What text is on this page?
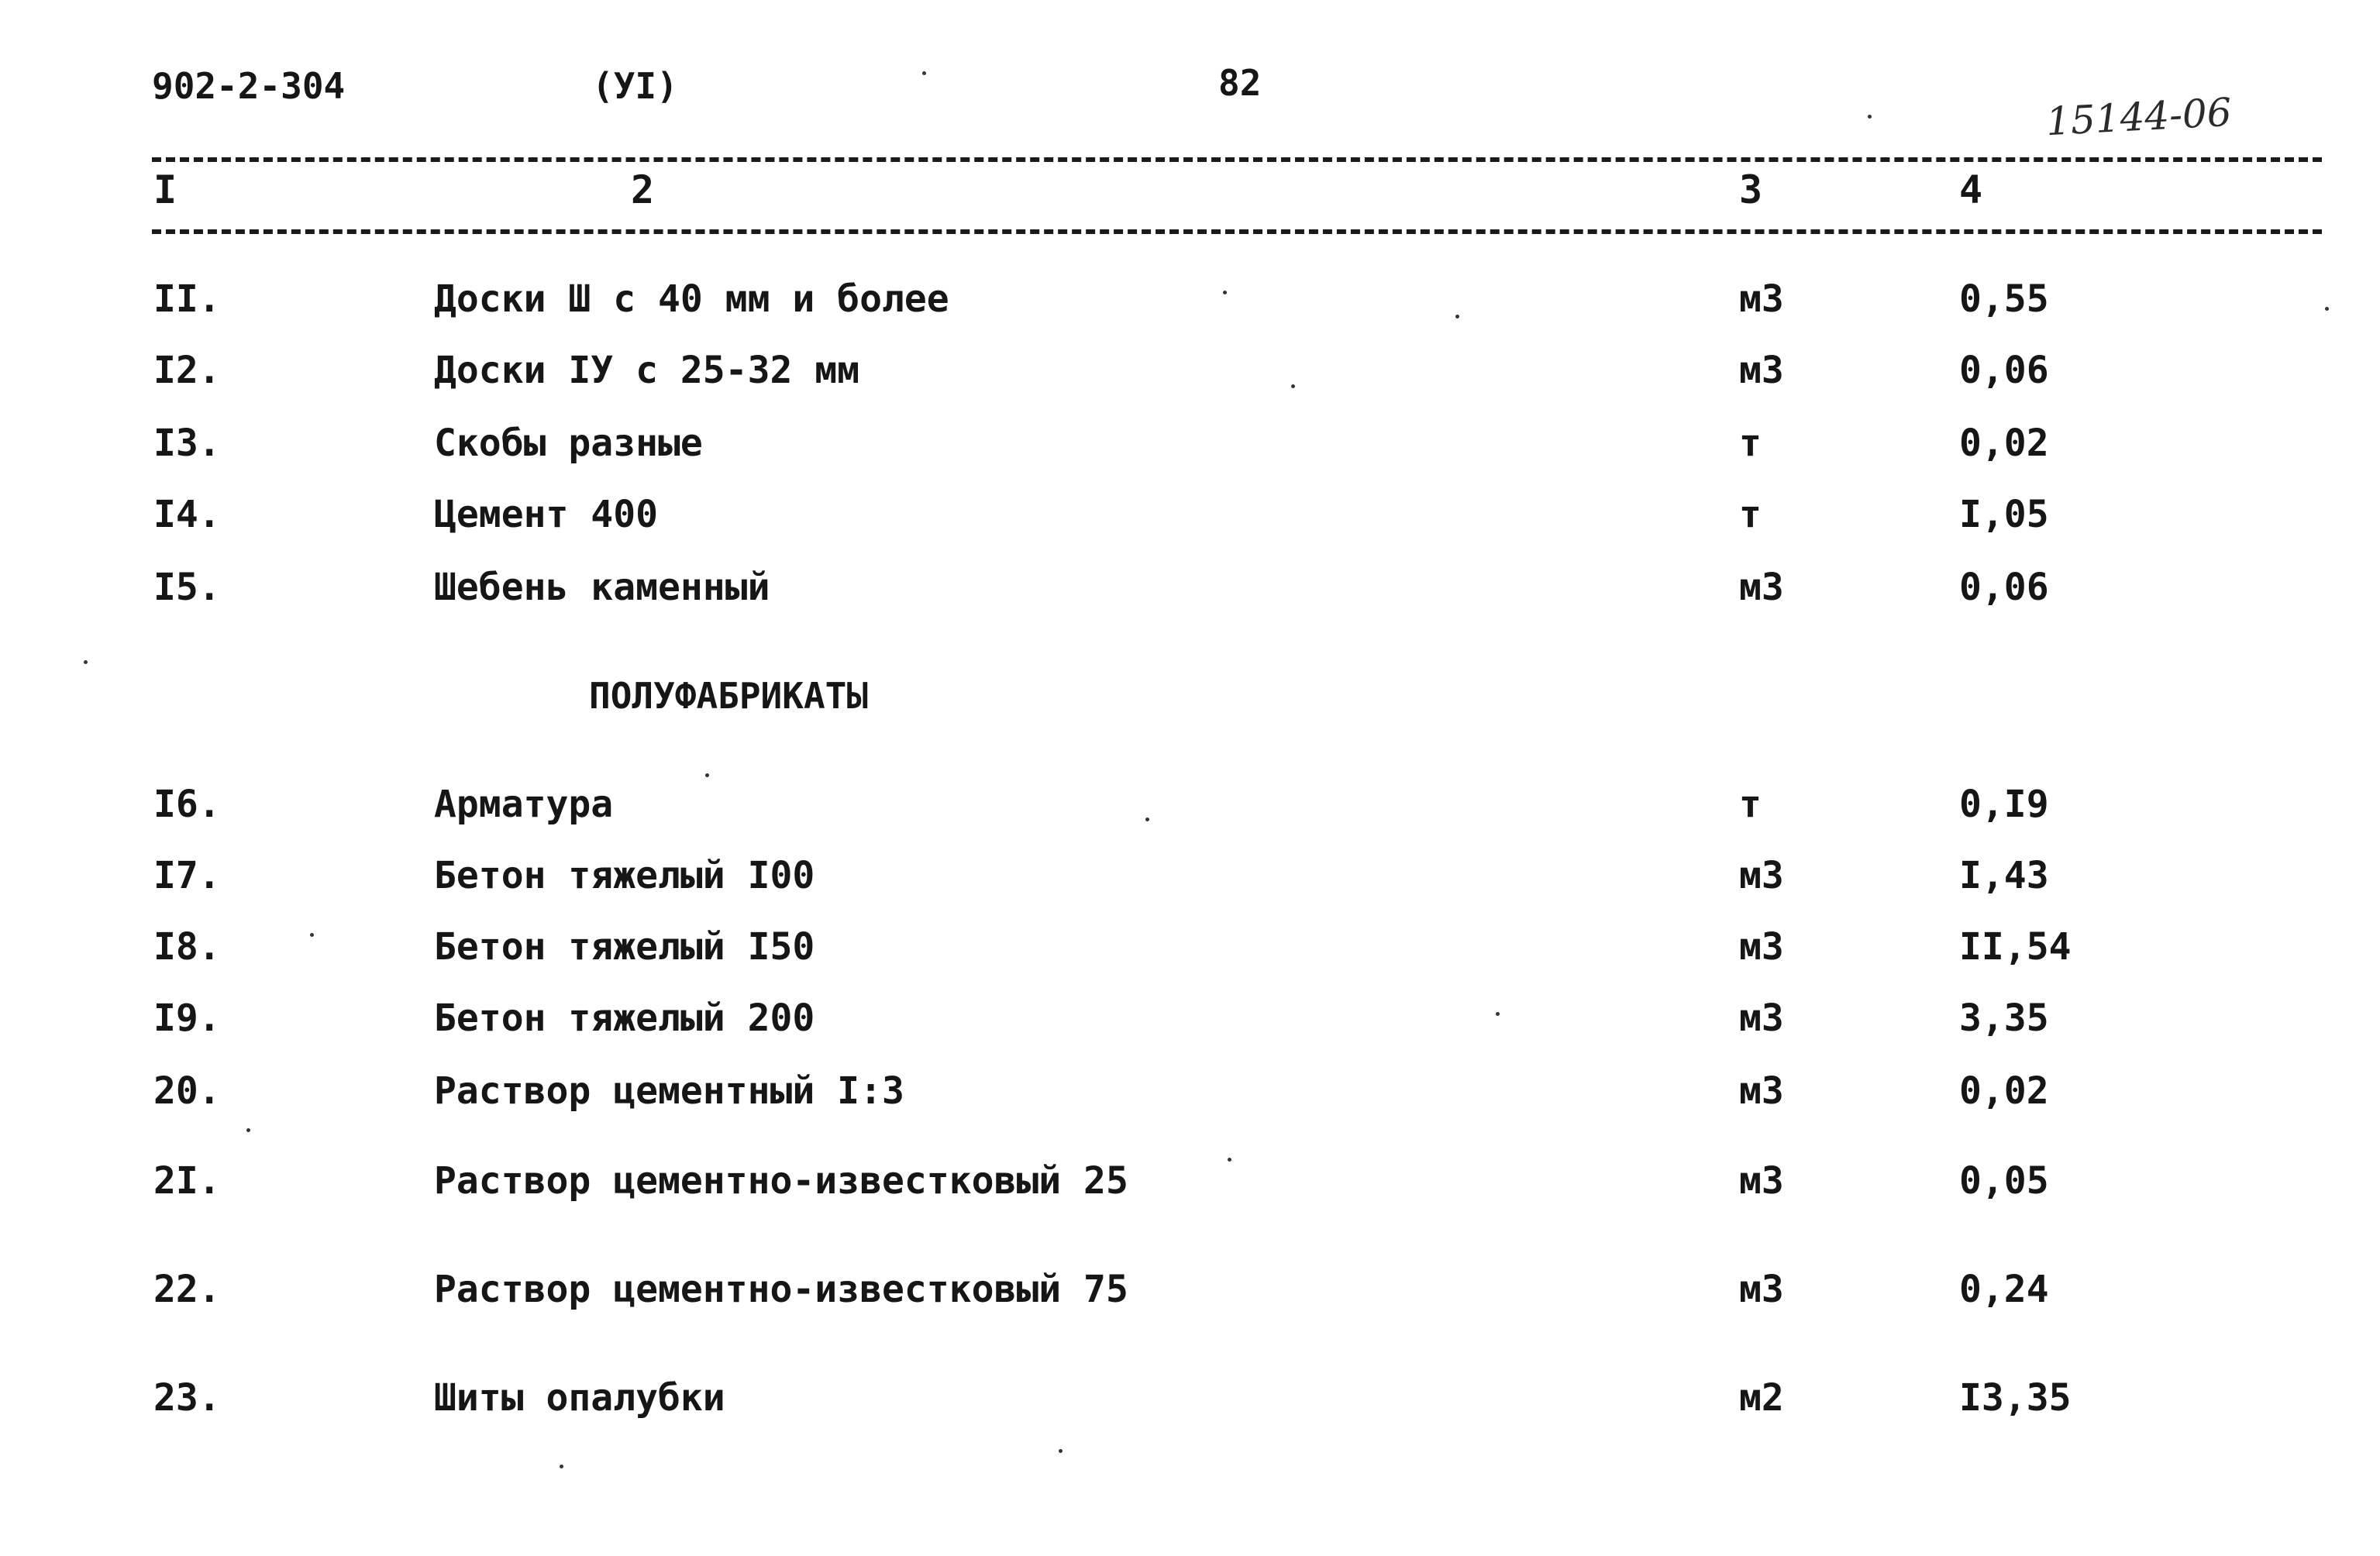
902-2-304	(УI)	82
15144-06
I	2	3	4
II.	Доски Ш с 40 мм и более	м3	0,55
I2.	Доски IУ с 25-32 мм	м3	0,06
I3.	Скобы разные	т	0,02
I4.	Цемент 400	т	I,05
I5.	Шебень каменный	м3	0,06
ПОЛУФАБРИКАТЫ
I6.	Арматура	т	0,I9
I7.	Бетон тяжелый I00	м3	I,43
I8.	Бетон тяжелый I50	м3	II,54
I9.	Бетон тяжелый 200	м3	3,35
20.	Раствор цементный I:3	м3	0,02
2I.	Раствор цементно-известковый 25	м3	0,05
22.	Раствор цементно-известковый 75	м3	0,24
23.	Шиты опалубки	м2	I3,35
